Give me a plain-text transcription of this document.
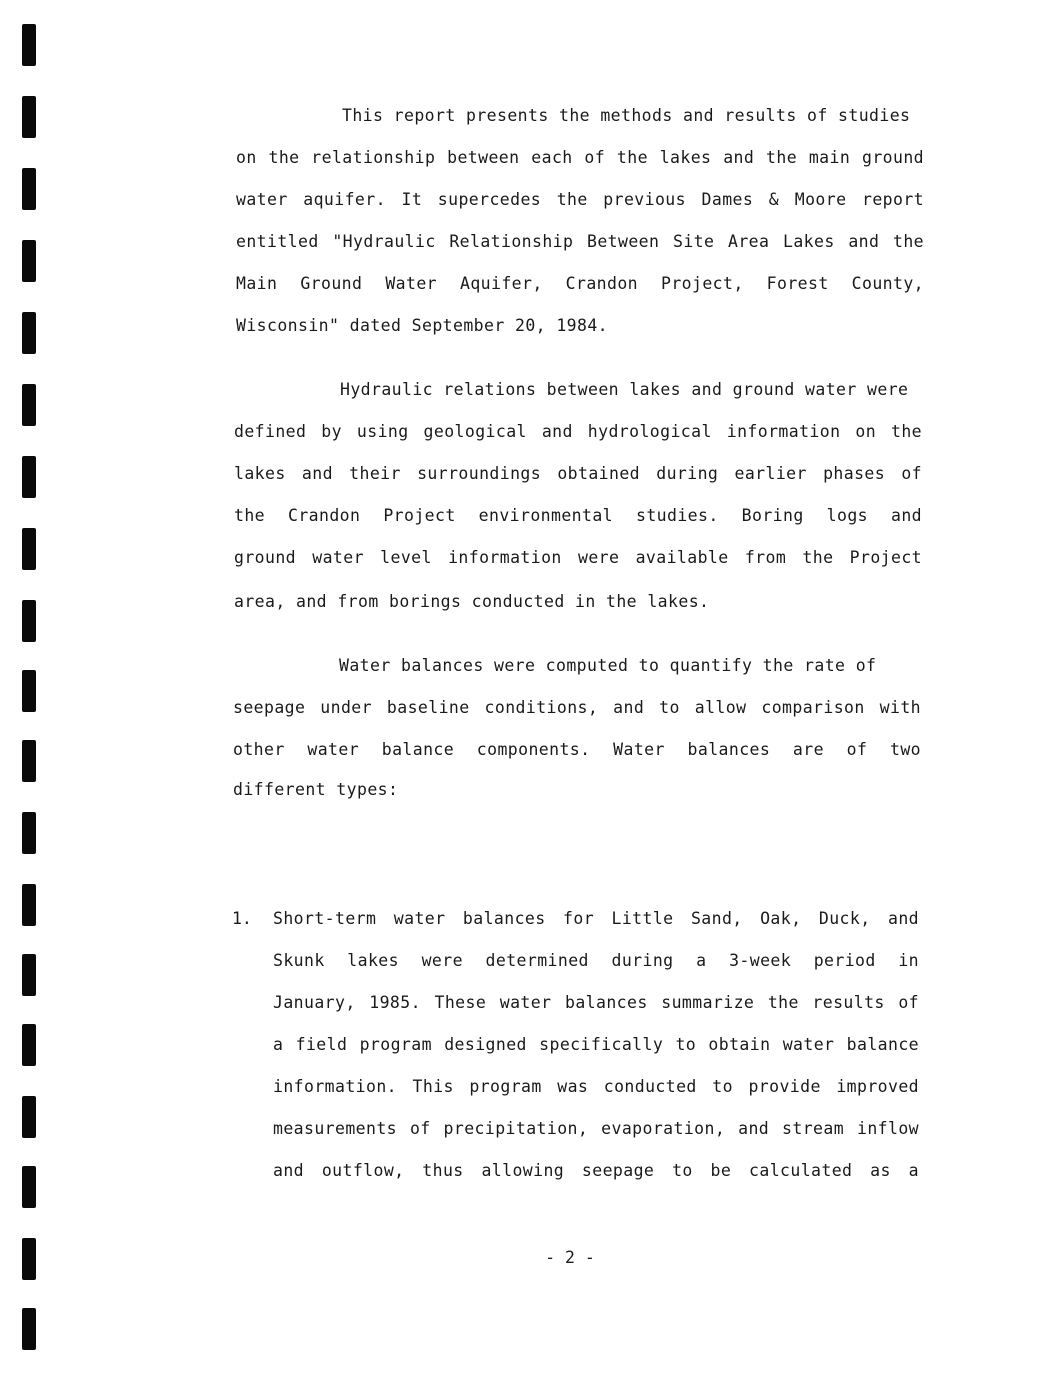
This report presents the methods and results of studies
on the relationship between each of the lakes and the main ground
water aquifer. It supercedes the previous Dames & Moore report
entitled "Hydraulic Relationship Between Site Area Lakes and the
Main Ground Water Aquifer, Crandon Project, Forest County,
Wisconsin" dated September 20, 1984.
Hydraulic relations between lakes and ground water were
defined by using geological and hydrological information on the
lakes and their surroundings obtained during earlier phases of
the Crandon Project environmental studies. Boring logs and
ground water level information were available from the Project
area, and from borings conducted in the lakes.
Water balances were computed to quantify the rate of
seepage under baseline conditions, and to allow comparison with
other water balance components. Water balances are of two
different types:
1. Short-term water balances for Little Sand, Oak, Duck, and
Skunk lakes were determined during a 3-week period in
January, 1985. These water balances summarize the results of
a field program designed specifically to obtain water balance
information. This program was conducted to provide improved
measurements of precipitation, evaporation, and stream inflow
and outflow, thus allowing seepage to be calculated as a
- 2 -
